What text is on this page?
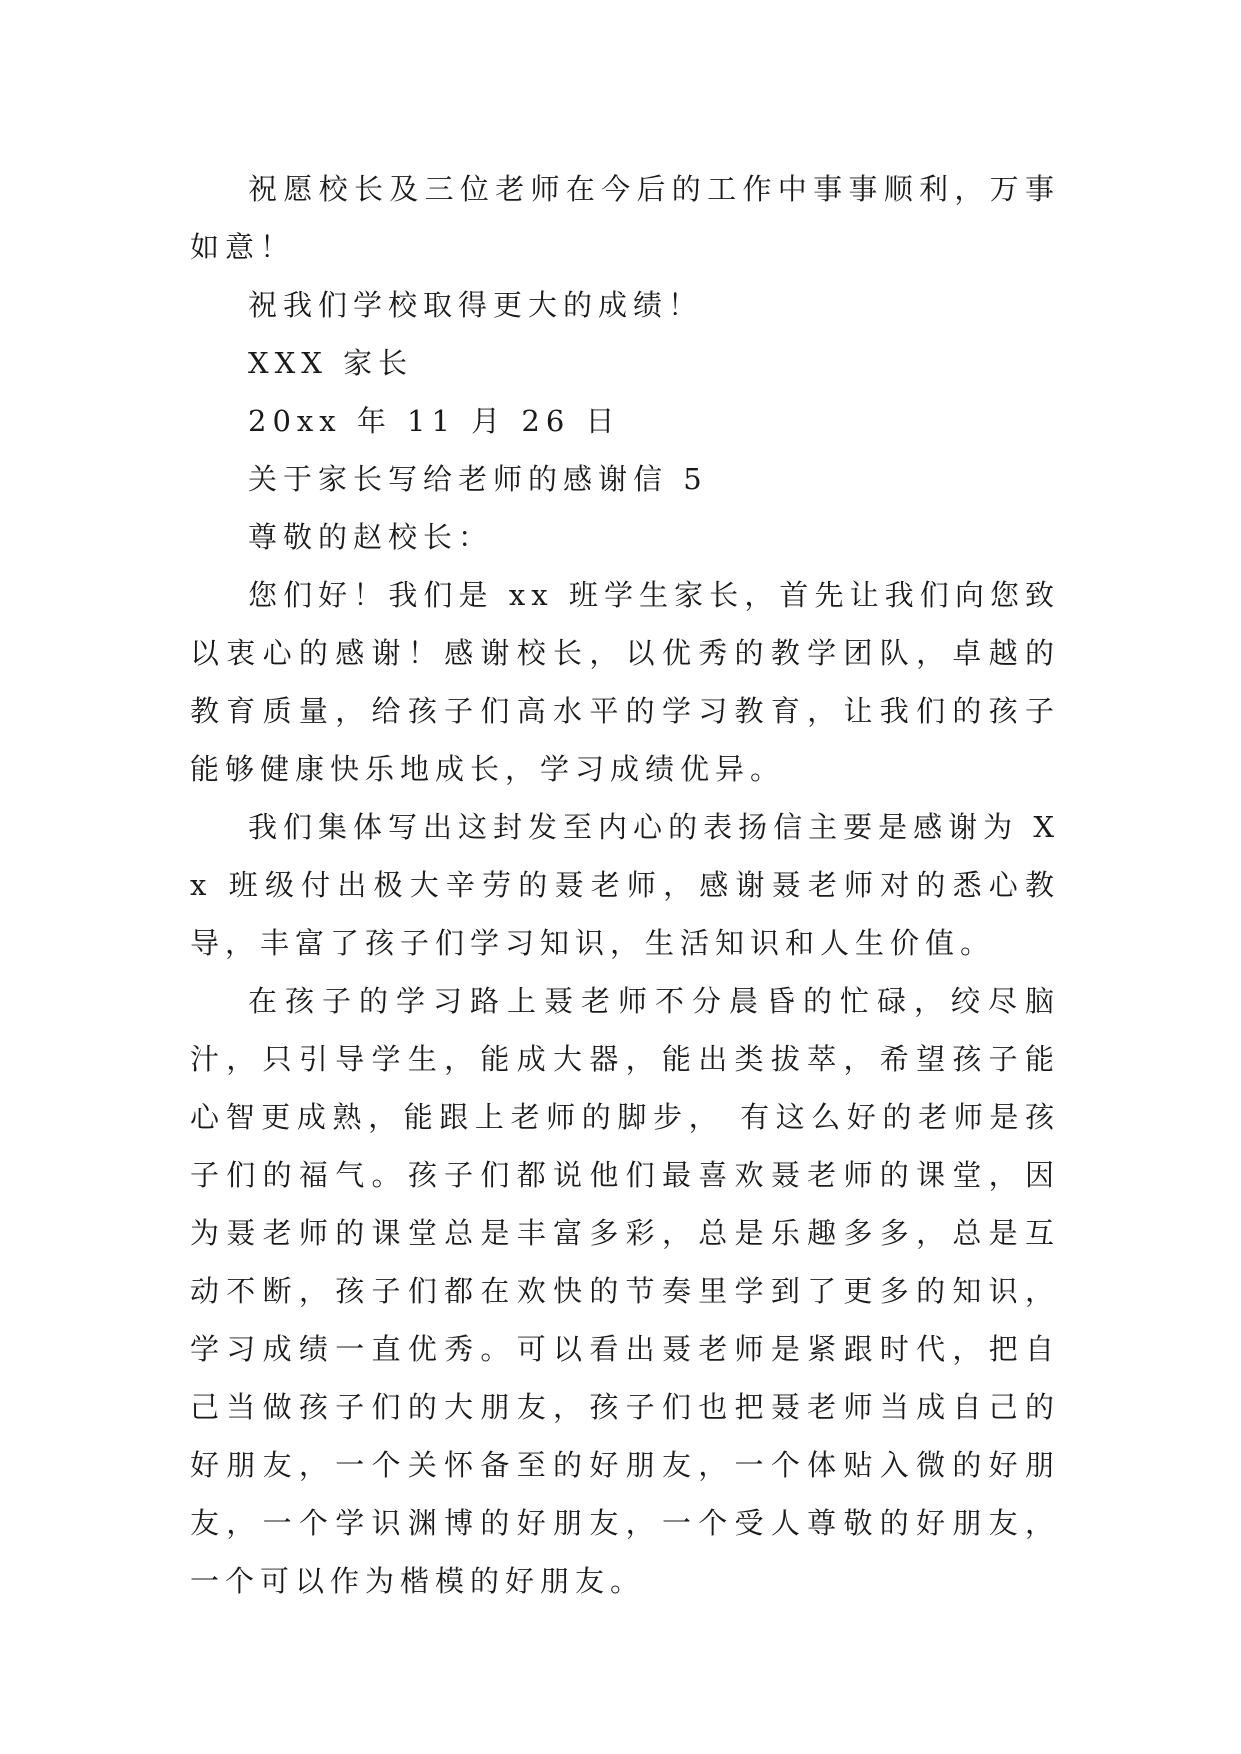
祝愿校长及三位老师在今后的工作中事事顺利，万事如意！

祝我们学校取得更大的成绩！

XXX 家长

20xx 年 11 月 26 日

关于家长写给老师的感谢信 5

尊敬的赵校长：

您们好！我们是 xx 班学生家长，首先让我们向您致以衷心的感谢！感谢校长，以优秀的教学团队，卓越的教育质量，给孩子们高水平的学习教育，让我们的孩子能够健康快乐地成长，学习成绩优异。

我们集体写出这封发至内心的表扬信主要是感谢为 Xx 班级付出极大辛劳的聂老师，感谢聂老师对的悉心教导，丰富了孩子们学习知识，生活知识和人生价值。

在孩子的学习路上聂老师不分晨昏的忙碌，绞尽脑汁，只引导学生，能成大器，能出类拔萃，希望孩子能心智更成熟，能跟上老师的脚步， 有这么好的老师是孩子们的福气。孩子们都说他们最喜欢聂老师的课堂，因为聂老师的课堂总是丰富多彩，总是乐趣多多，总是互动不断，孩子们都在欢快的节奏里学到了更多的知识，学习成绩一直优秀。可以看出聂老师是紧跟时代，把自己当做孩子们的大朋友，孩子们也把聂老师当成自己的好朋友，一个关怀备至的好朋友，一个体贴入微的好朋友，一个学识渊博的好朋友，一个受人尊敬的好朋友，一个可以作为楷模的好朋友。
